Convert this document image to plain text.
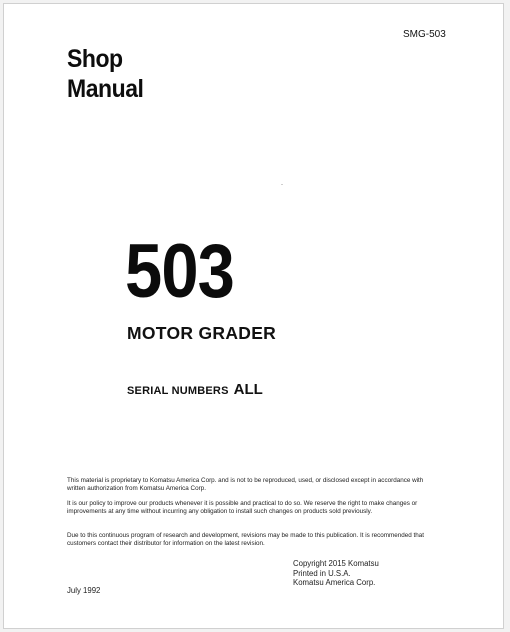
SMG-503
Shop
Manual
503
MOTOR GRADER
SERIAL NUMBERS ALL
This material is proprietary to Komatsu America Corp. and is not to be reproduced, used, or disclosed except in accordance with written authorization from Komatsu America Corp.
It is our policy to improve our products whenever it is possible and practical to do so. We reserve the right to make changes or improvements at any time without incurring any obligation to install such changes on products sold previously.
Due to this continuous program of research and development, revisions may be made to this publication. It is recommended that customers contact their distributor for information on the latest revision.
Copyright 2015 Komatsu
Printed in U.S.A.
Komatsu America Corp.
July 1992
